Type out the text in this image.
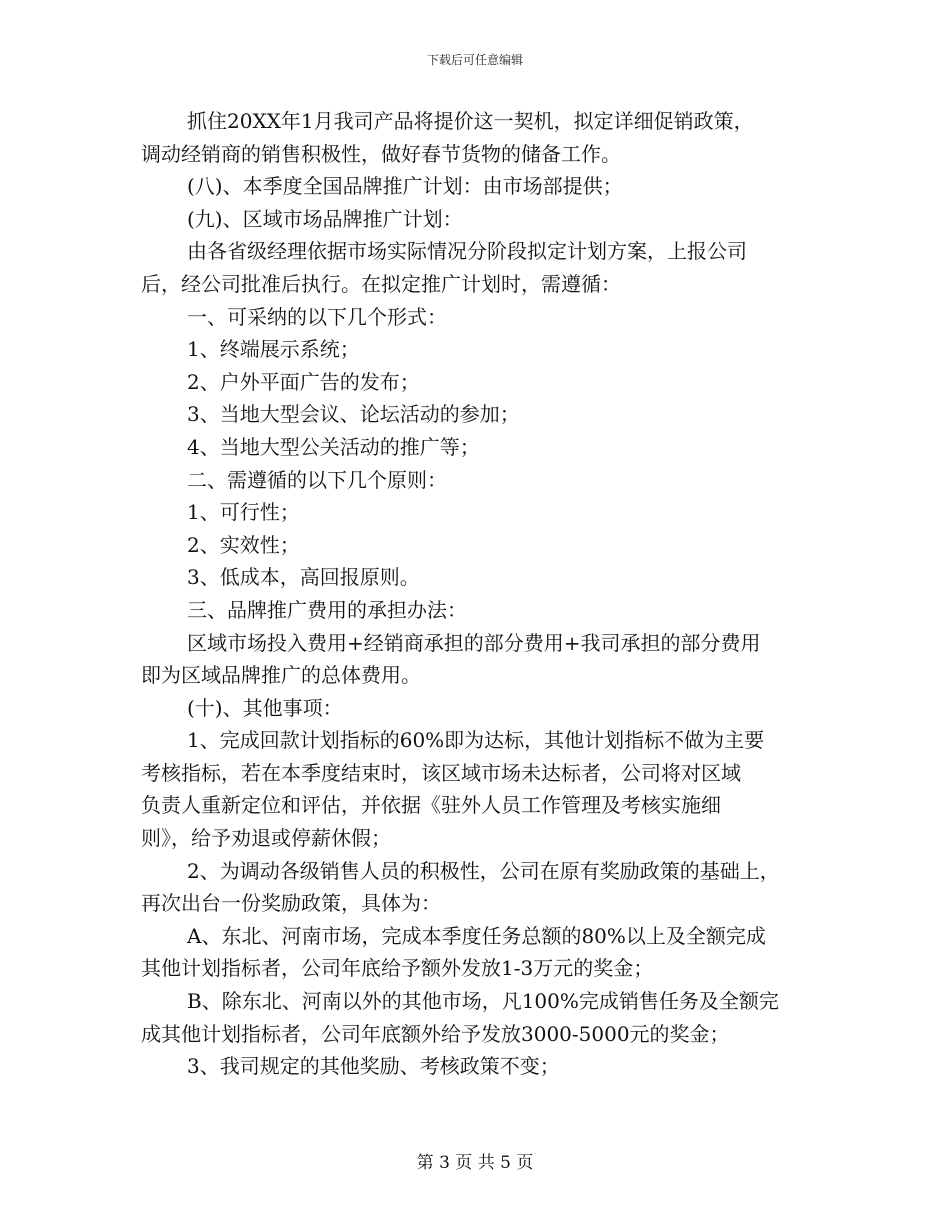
下载后可任意编辑
抓住20XX年1月我司产品将提价这一契机，拟定详细促销政策，
调动经销商的销售积极性，做好春节货物的储备工作。
(八)、本季度全国品牌推广计划：由市场部提供；
(九)、区域市场品牌推广计划：
由各省级经理依据市场实际情况分阶段拟定计划方案，上报公司
后，经公司批准后执行。在拟定推广计划时，需遵循：
一、可采纳的以下几个形式：
1、终端展示系统；
2、户外平面广告的发布；
3、当地大型会议、论坛活动的参加；
4、当地大型公关活动的推广等；
二、需遵循的以下几个原则：
1、可行性；
2、实效性；
3、低成本，高回报原则。
三、品牌推广费用的承担办法：
区域市场投入费用+经销商承担的部分费用+我司承担的部分费用
即为区域品牌推广的总体费用。
(十)、其他事项：
1、完成回款计划指标的60%即为达标，其他计划指标不做为主要
考核指标，若在本季度结束时，该区域市场未达标者，公司将对区域
负责人重新定位和评估，并依据《驻外人员工作管理及考核实施细
则》，给予劝退或停薪休假；
2、为调动各级销售人员的积极性，公司在原有奖励政策的基础上，
再次出台一份奖励政策，具体为：
A、东北、河南市场，完成本季度任务总额的80%以上及全额完成
其他计划指标者，公司年底给予额外发放1-3万元的奖金；
B、除东北、河南以外的其他市场，凡100%完成销售任务及全额完
成其他计划指标者，公司年底额外给予发放3000-5000元的奖金；
3、我司规定的其他奖励、考核政策不变；
第 3 页 共 5 页
